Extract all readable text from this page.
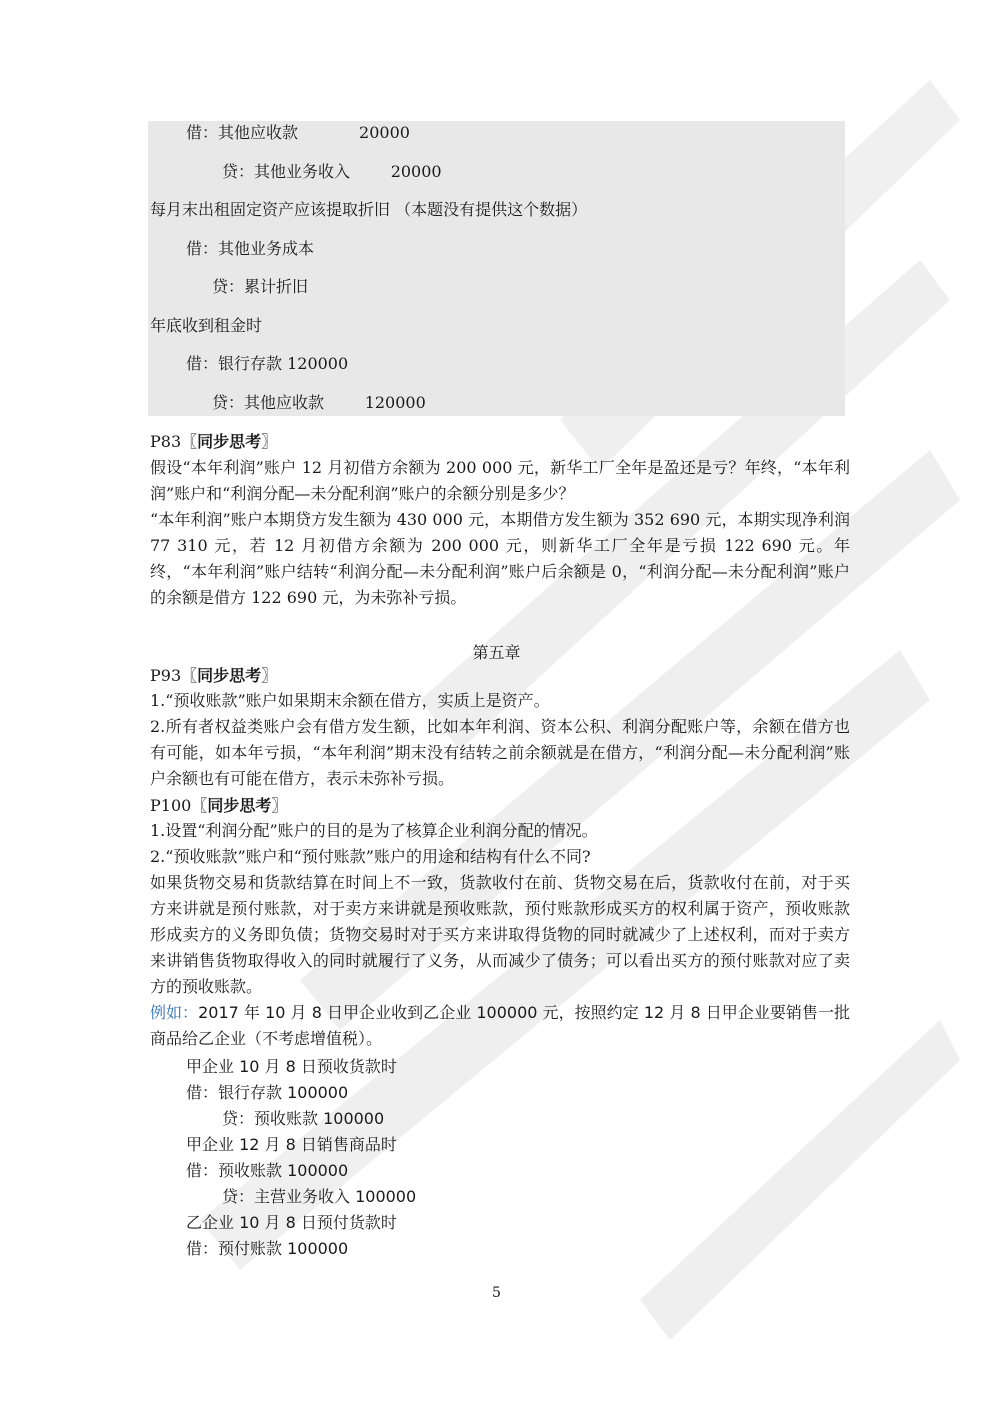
借：其他应收款            20000
贷：其他业务收入        20000
每月末出租固定资产应该提取折旧 （本题没有提供这个数据）
借：其他业务成本
贷：累计折旧
年底收到租金时
借：银行存款 120000
贷：其他应收款        120000
P83〖同步思考〗
假设“本年利润”账户 12 月初借方余额为 200 000 元，新华工厂全年是盈还是亏？年终，“本年利润”账户和“利润分配—未分配利润”账户的余额分别是多少？
“本年利润”账户本期贷方发生额为 430 000 元，本期借方发生额为 352 690 元，本期实现净利润 77 310 元，若 12 月初借方余额为 200 000 元，则新华工厂全年是亏损 122 690 元。年终，“本年利润”账户结转“利润分配—未分配利润”账户后余额是 0，“利润分配—未分配利润”账户的余额是借方 122 690 元，为未弥补亏损。
第五章
P93〖同步思考〗
1.“预收账款”账户如果期末余额在借方，实质上是资产。
2.所有者权益类账户会有借方发生额，比如本年利润、资本公积、利润分配账户等，余额在借方也有可能，如本年亏损，“本年利润”期末没有结转之前余额就是在借方，“利润分配—未分配利润”账户余额也有可能在借方，表示未弥补亏损。
P100〖同步思考〗
1.设置“利润分配”账户的目的是为了核算企业利润分配的情况。
2.“预收账款”账户和“预付账款”账户的用途和结构有什么不同?
如果货物交易和货款结算在时间上不一致，货款收付在前、货物交易在后，货款收付在前，对于买方来讲就是预付账款，对于卖方来讲就是预收账款，预付账款形成买方的权利属于资产，预收账款形成卖方的义务即负债；货物交易时对于买方来讲取得货物的同时就减少了上述权利，而对于卖方来讲销售货物取得收入的同时就履行了义务，从而减少了债务；可以看出买方的预付账款对应了卖方的预收账款。
例如：2017 年 10 月 8 日甲企业收到乙企业 100000 元，按照约定 12 月 8 日甲企业要销售一批商品给乙企业（不考虑增值税）。
甲企业 10 月 8 日预收货款时
借：银行存款 100000
贷：预收账款 100000
甲企业 12 月 8 日销售商品时
借：预收账款 100000
贷：主营业务收入 100000
乙企业 10 月 8 日预付货款时
借：预付账款 100000
5
